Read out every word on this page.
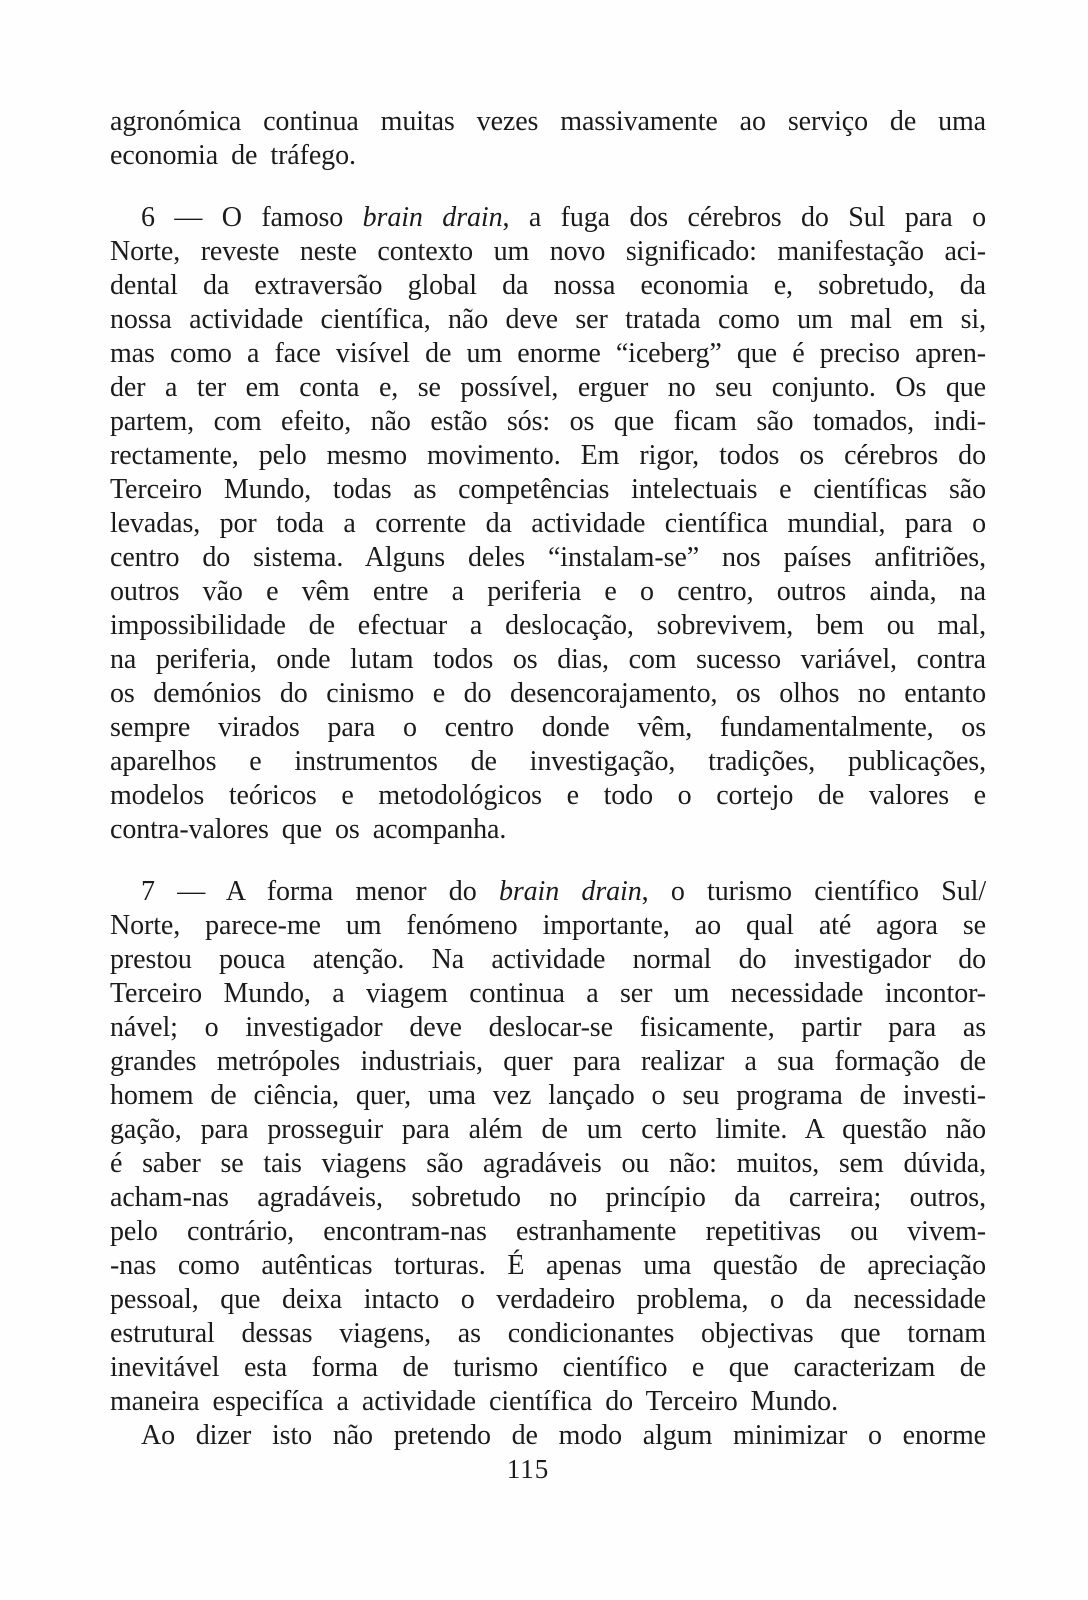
agronómica continua muitas vezes massivamente ao serviço de uma
economia de tráfego.
6 — O famoso brain drain, a fuga dos cérebros do Sul para o
Norte, reveste neste contexto um novo significado: manifestação aci-
dental da extraversão global da nossa economia e, sobretudo, da
nossa actividade científica, não deve ser tratada como um mal em si,
mas como a face visível de um enorme “iceberg” que é preciso apren-
der a ter em conta e, se possível, erguer no seu conjunto. Os que
partem, com efeito, não estão sós: os que ficam são tomados, indi-
rectamente, pelo mesmo movimento. Em rigor, todos os cérebros do
Terceiro Mundo, todas as competências intelectuais e científicas são
levadas, por toda a corrente da actividade científica mundial, para o
centro do sistema. Alguns deles “instalam-se” nos países anfitriões,
outros vão e vêm entre a periferia e o centro, outros ainda, na
impossibilidade de efectuar a deslocação, sobrevivem, bem ou mal,
na periferia, onde lutam todos os dias, com sucesso variável, contra
os demónios do cinismo e do desencorajamento, os olhos no entanto
sempre virados para o centro donde vêm, fundamentalmente, os
aparelhos e instrumentos de investigação, tradições, publicações,
modelos teóricos e metodológicos e todo o cortejo de valores e
contra-valores que os acompanha.
7 — A forma menor do brain drain, o turismo científico Sul/
Norte, parece-me um fenómeno importante, ao qual até agora se
prestou pouca atenção. Na actividade normal do investigador do
Terceiro Mundo, a viagem continua a ser um necessidade incontor-
nável; o investigador deve deslocar-se fisicamente, partir para as
grandes metrópoles industriais, quer para realizar a sua formação de
homem de ciência, quer, uma vez lançado o seu programa de investi-
gação, para prosseguir para além de um certo limite. A questão não
é saber se tais viagens são agradáveis ou não: muitos, sem dúvida,
acham-nas agradáveis, sobretudo no princípio da carreira; outros,
pelo contrário, encontram-nas estranhamente repetitivas ou vivem-
-nas como autênticas torturas. É apenas uma questão de apreciação
pessoal, que deixa intacto o verdadeiro problema, o da necessidade
estrutural dessas viagens, as condicionantes objectivas que tornam
inevitável esta forma de turismo científico e que caracterizam de
maneira especifíca a actividade científica do Terceiro Mundo.
Ao dizer isto não pretendo de modo algum minimizar o enorme
115
